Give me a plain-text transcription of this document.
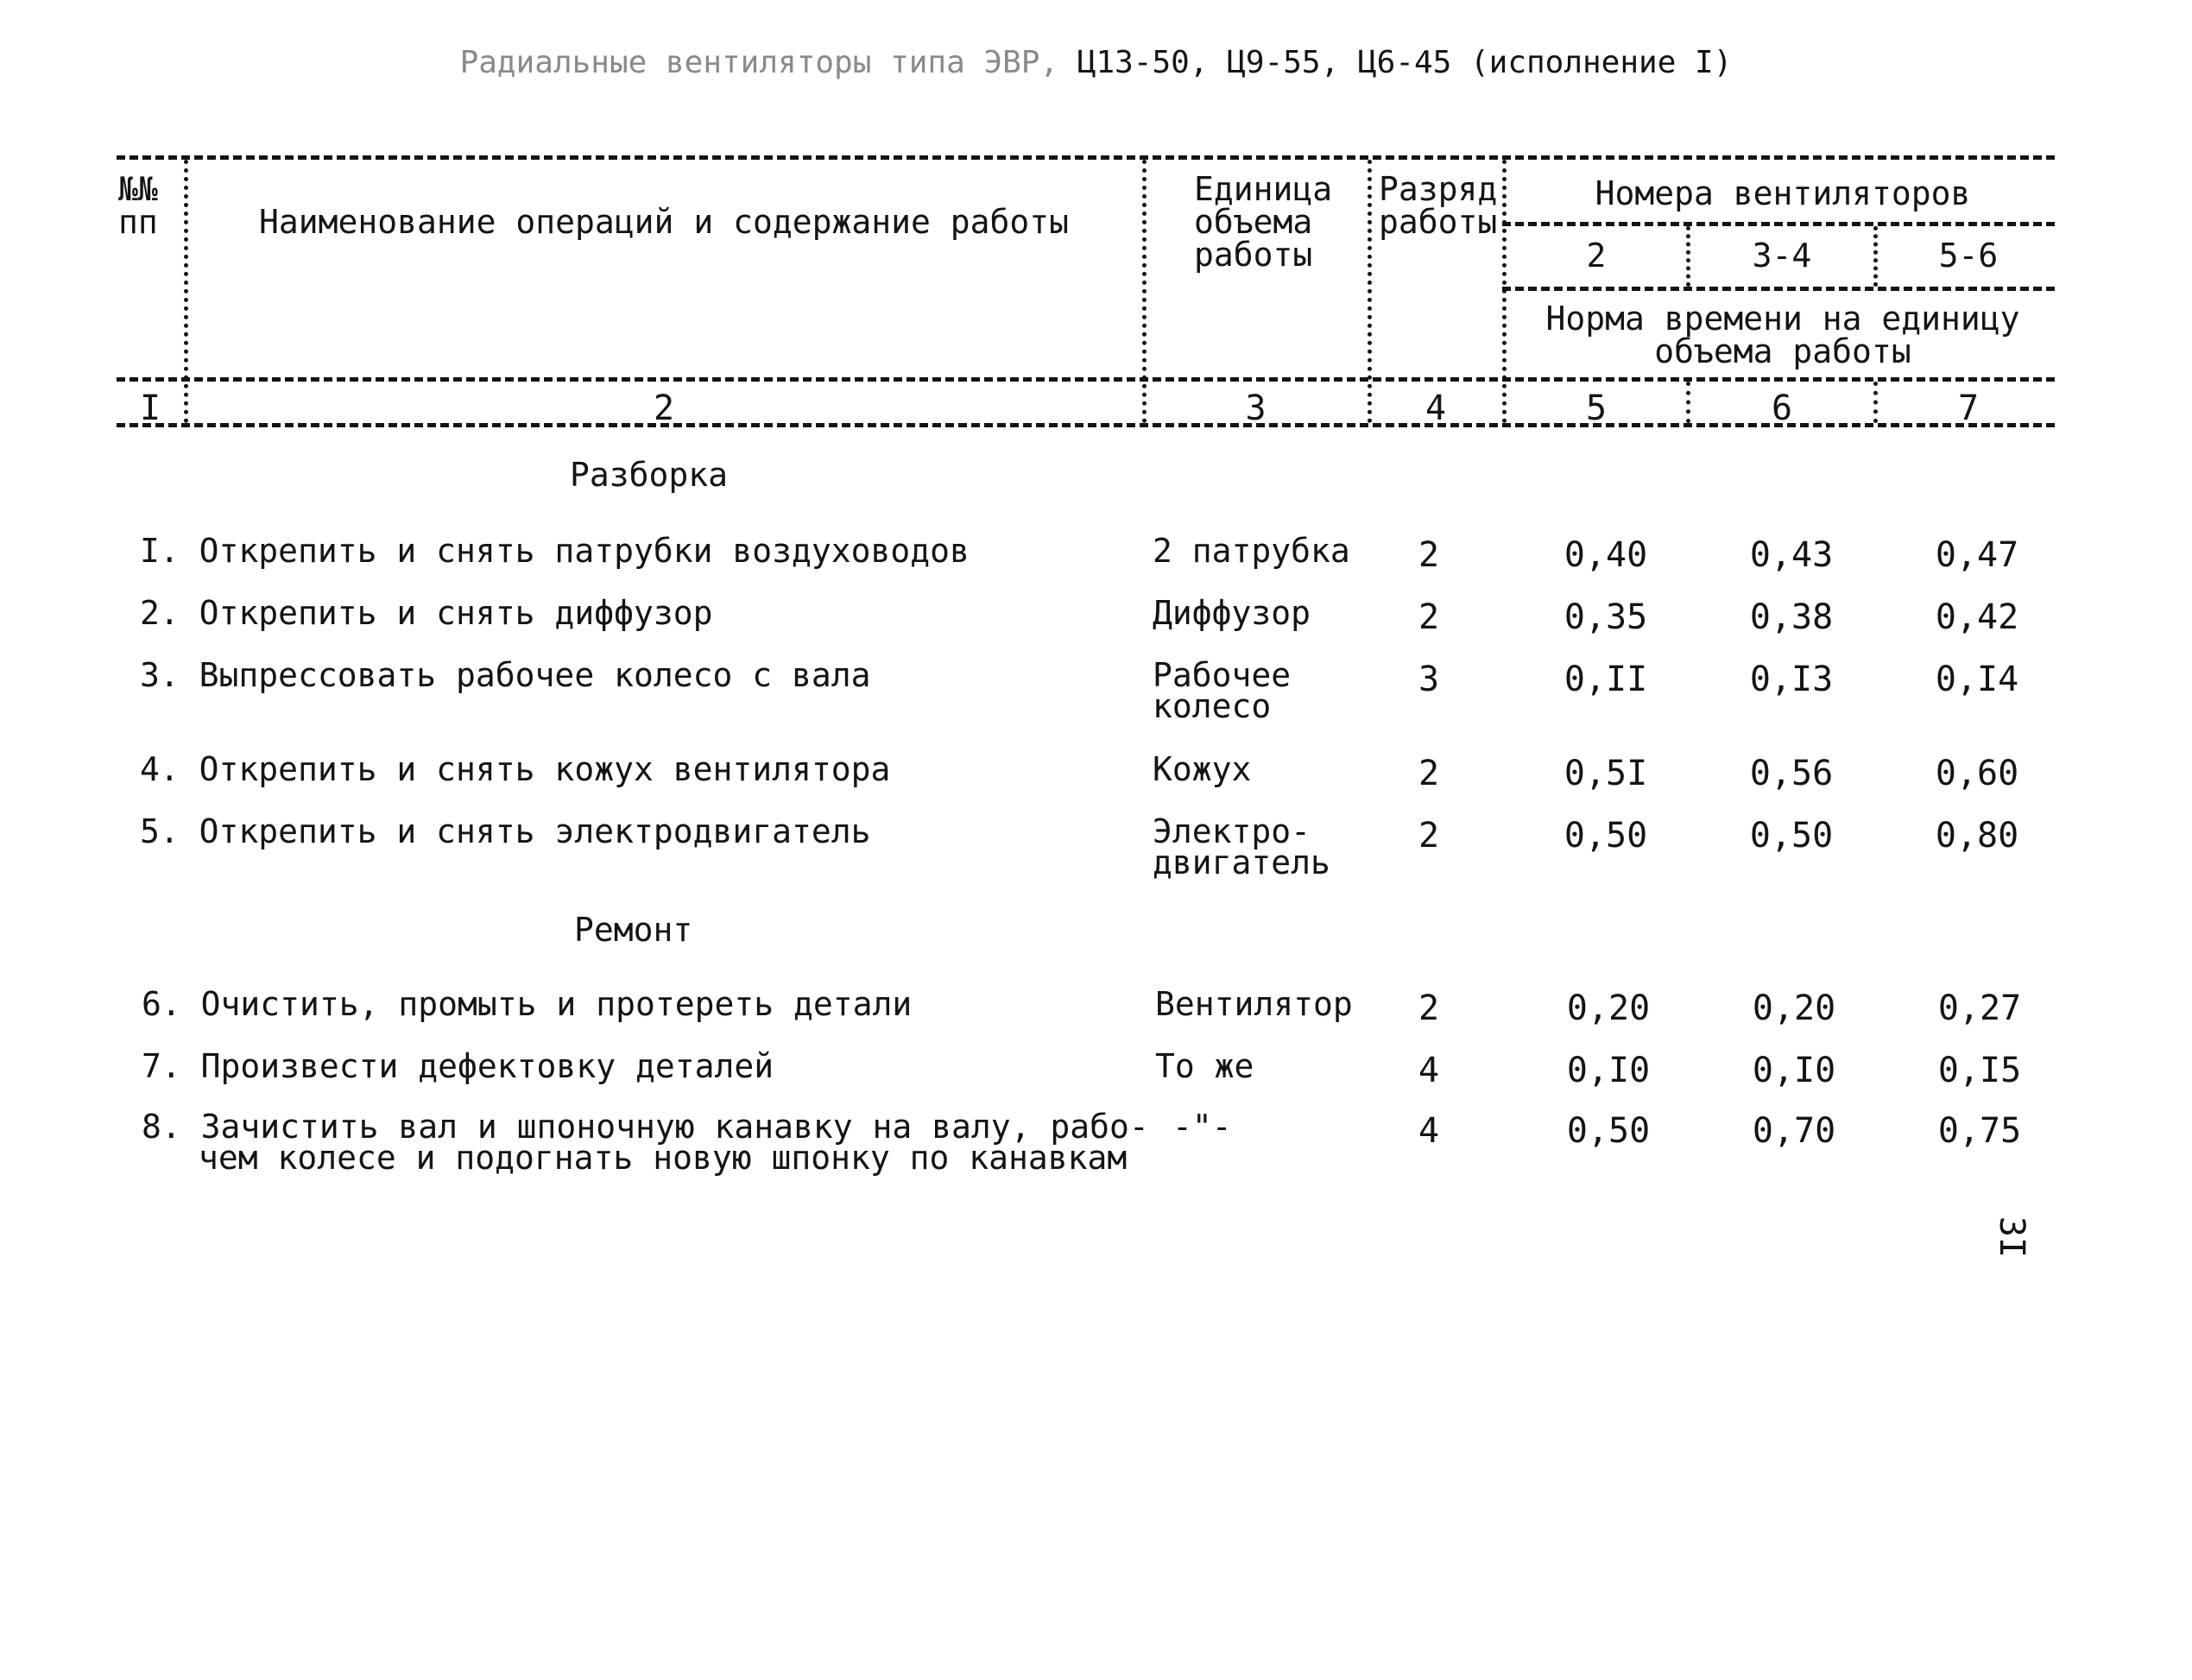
Радиальные вентиляторы типа ЭВР, Ц13-50, Ц9-55, Ц6-45 (исполнение I)
№№
пп	Наименование операций и содержание работы
Единица
объема
работы
Разряд
работы
Номера вентиляторов
2	3-4	5-6
Норма времени на единицу
объема работы
I	2	3	4	5	6	7
Разборка
I. Открепить и снять патрубки воздуховодов	2 патрубка	2	0,40	0,43	0,47
2. Открепить и снять диффузор	Диффузор	2	0,35	0,38	0,42
3. Выпрессовать рабочее колесо с вала	Рабочее
колесо
3	0,II	0,I3	0,I4
4. Открепить и снять кожух вентилятора	Кожух	2	0,5I	0,56	0,60
5. Открепить и снять электродвигатель	Электро-
двигатель
2	0,50	0,50	0,80
Ремонт
6. Очистить, промыть и протереть детали	Вентилятор	2	0,20	0,20	0,27
7. Произвести дефектовку деталей	То же	4	0,I0	0,I0	0,I5
8. Зачистить вал и шпоночную канавку на валу, рабо-
чем колесе и подогнать новую шпонку по канавкам
-"-	4	0,50	0,70	0,75
3I
